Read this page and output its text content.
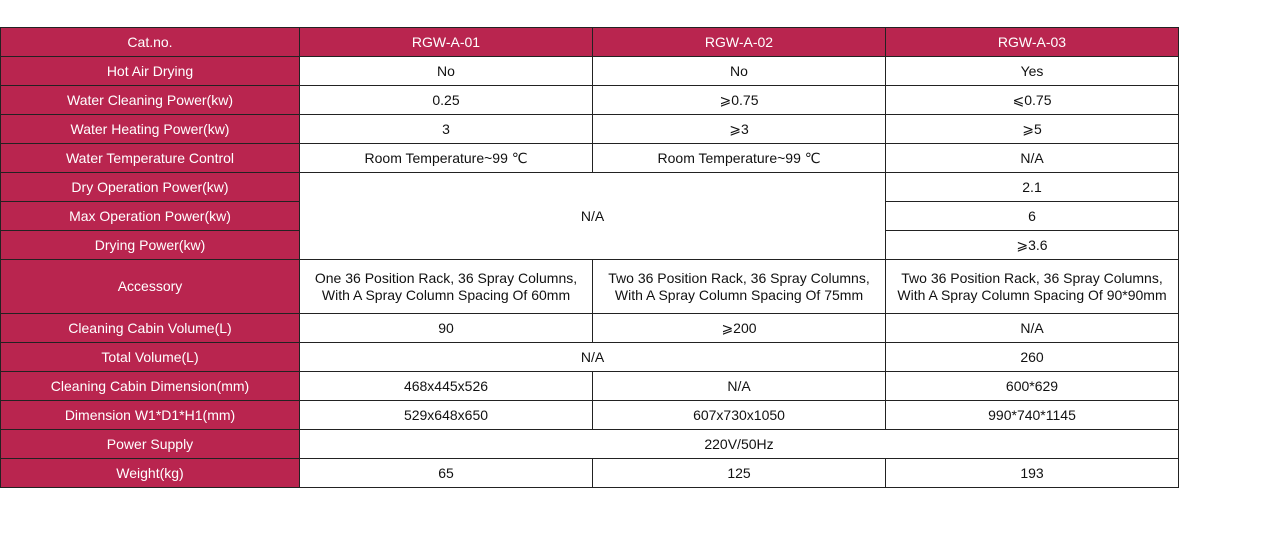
Cat.no.	RGW-A-01	RGW-A-02	RGW-A-03
Hot Air Drying	No	No	Yes
Water Cleaning Power(kw)	0.25	⩾0.75	⩽0.75
Water Heating Power(kw)	3	⩾3	⩾5
Water Temperature Control	Room Temperature~99 ℃	Room Temperature~99 ℃	N/A
Dry Operation Power(kw)	N/A		2.1
Max Operation Power(kw)			6
Drying Power(kw)			⩾3.6
Accessory	One 36 Position Rack, 36 Spray Columns, With A Spray Column Spacing Of 60mm	Two 36 Position Rack, 36 Spray Columns, With A Spray Column Spacing Of 75mm	Two 36 Position Rack, 36 Spray Columns, With A Spray Column Spacing Of 90*90mm
Cleaning Cabin Volume(L)	90	⩾200	N/A
Total Volume(L)	N/A		260
Cleaning Cabin Dimension(mm)	468x445x526	N/A	600*629
Dimension W1*D1*H1(mm)	529x648x650	607x730x1050	990*740*1145
Power Supply	220V/50Hz		
Weight(kg)	65	125	193
